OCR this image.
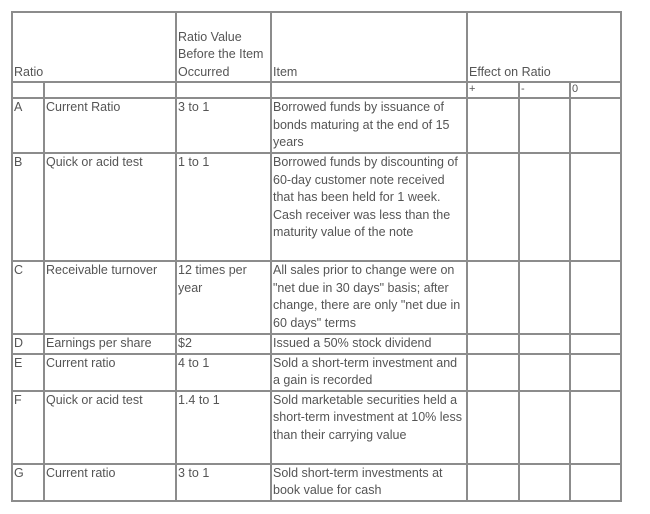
Ratio		Ratio Value Before the Item Occurred	Item	Effect on Ratio		
				+	-	0
A	Current Ratio	3 to 1	Borrowed funds by issuance of bonds maturing at the end of 15 years			
B	Quick or acid test	1 to 1	Borrowed funds by discounting of 60-day customer note received that has been held for 1 week. Cash receiver was less than the maturity value of the note			
C	Receivable turnover	12 times per year	All sales prior to change were on "net due in 30 days" basis; after change, there are only "net due in 60 days" terms			
D	Earnings per share	$2	Issued a 50% stock dividend			
E	Current ratio	4 to 1	Sold a short-term investment and a gain is recorded			
F	Quick or acid test	1.4 to 1	Sold marketable securities held a short-term investment at 10% less than their carrying value			
G	Current ratio	3 to 1	Sold short-term investments at book value for cash			
